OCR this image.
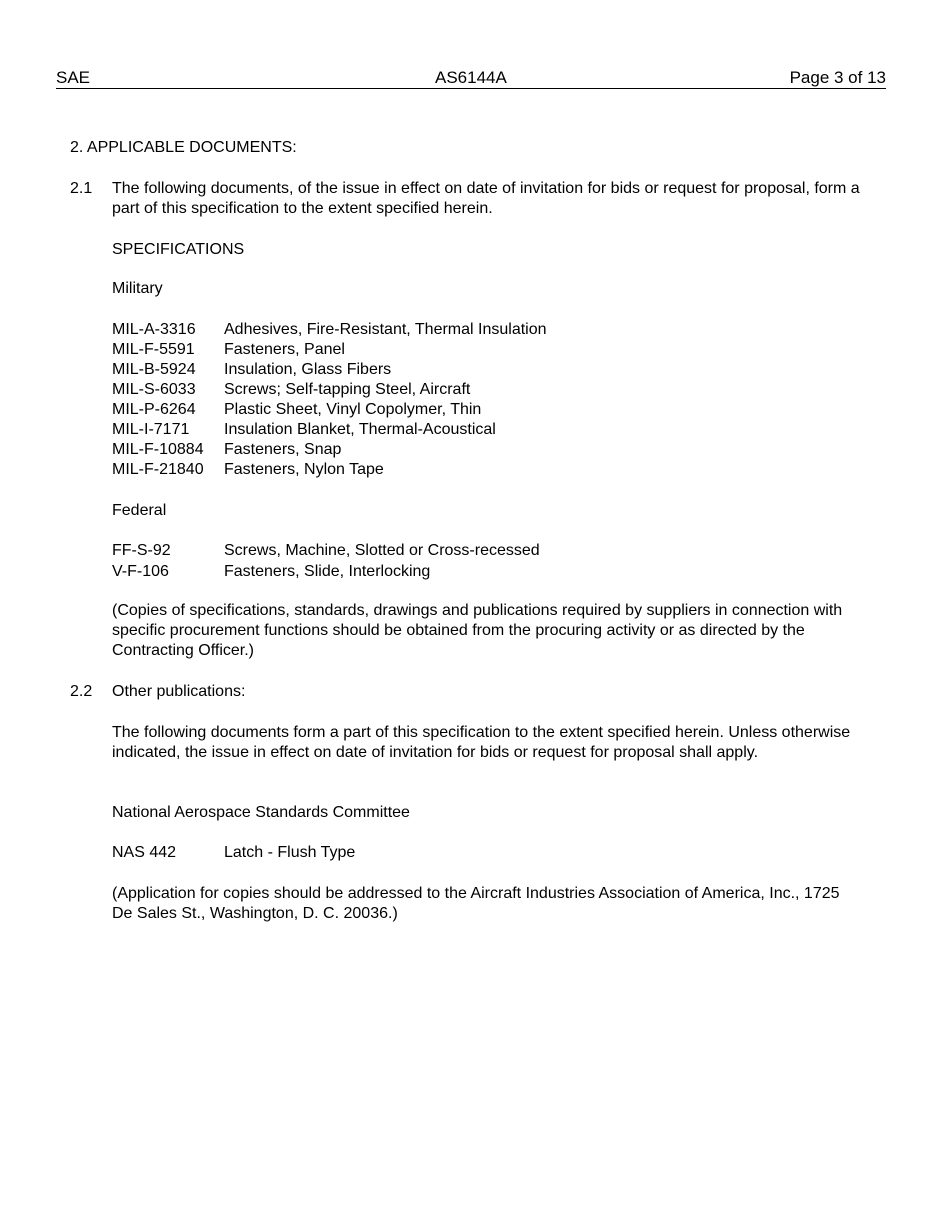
SAE	AS6144A	Page 3 of 13
2. APPLICABLE DOCUMENTS:
2.1 The following documents, of the issue in effect on date of invitation for bids or request for proposal, form a part of this specification to the extent specified herein.
SPECIFICATIONS
Military
MIL-A-3316 Adhesives, Fire-Resistant, Thermal Insulation
MIL-F-5591 Fasteners, Panel
MIL-B-5924 Insulation, Glass Fibers
MIL-S-6033 Screws; Self-tapping Steel, Aircraft
MIL-P-6264 Plastic Sheet, Vinyl Copolymer, Thin
MIL-I-7171 Insulation Blanket, Thermal-Acoustical
MIL-F-10884 Fasteners, Snap
MIL-F-21840 Fasteners, Nylon Tape
Federal
FF-S-92	Screws, Machine, Slotted or Cross-recessed
V-F-106	Fasteners, Slide, Interlocking
(Copies of specifications, standards, drawings and publications required by suppliers in connection with specific procurement functions should be obtained from the procuring activity or as directed by the Contracting Officer.)
2.2 Other publications:
The following documents form a part of this specification to the extent specified herein. Unless otherwise indicated, the issue in effect on date of invitation for bids or request for proposal shall apply.
National Aerospace Standards Committee
NAS 442	Latch - Flush Type
(Application for copies should be addressed to the Aircraft Industries Association of America, Inc., 1725 De Sales St., Washington, D. C. 20036.)
